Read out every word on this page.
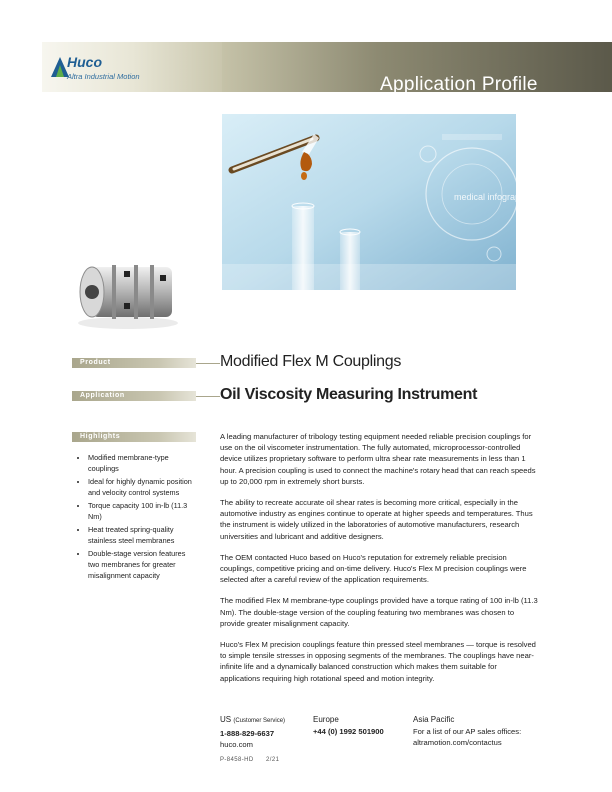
Huco
Altra Industrial Motion	Application Profile
medical infographic
Product	Modified Flex M Couplings
Application	Oil Viscosity Measuring Instrument
Highlights
• Modified membrane-type couplings
• Ideal for highly dynamic position and velocity control systems
• Torque capacity 100 in-lb (11.3 Nm)
• Heat treated spring-quality stainless steel membranes
• Double-stage version features two membranes for greater misalignment capacity

A leading manufacturer of tribology testing equipment needed reliable precision couplings for use on the oil viscometer instrumentation. The fully automated, microprocessor-controlled device utilizes proprietary software to perform ultra shear rate measurements in less than 1 hour. A precision coupling is used to connect the machine's rotary head that can reach speeds up to 20,000 rpm in extremely short bursts.

The ability to recreate accurate oil shear rates is becoming more critical, especially in the automotive industry as engines continue to operate at higher speeds and temperatures. Thus the instrument is widely utilized in the laboratories of automotive manufacturers, research universities and lubricant and additive designers.

The OEM contacted Huco based on Huco's reputation for extremely reliable precision couplings, competitive pricing and on-time delivery. Huco's Flex M precision couplings were selected after a careful review of the application requirements.

The modified Flex M membrane-type couplings provided have a torque rating of 100 in-lb (11.3 Nm). The double-stage version of the coupling featuring two membranes was chosen to provide greater misalignment capacity.

Huco's Flex M precision couplings feature thin pressed steel membranes — torque is resolved to simple tensile stresses in opposing segments of the membranes. The couplings have near-infinite life and a dynamically balanced construction which makes them suitable for applications requiring high rotational speed and motion integrity.

US (Customer Service)
1-888-829-6637
huco.com
Europe
+44 (0) 1992 501900
Asia Pacific
For a list of our AP sales offices:
altramotion.com/contactus
P-8458-HD 2/21
